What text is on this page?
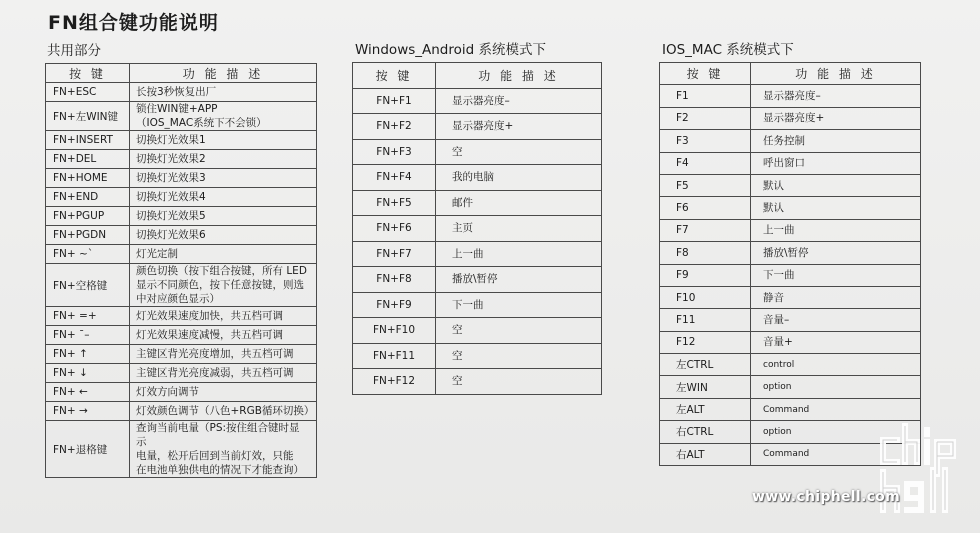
FN组合键功能说明
共用部分
按 键	功 能 描 述
FN+ESC	长按3秒恢复出厂

FN+左WIN键	锁住WIN键+APP
（IOS_MAC系统下不会锁）

FN+INSERT	切换灯光效果1

FN+DEL	切换灯光效果2

FN+HOME	切换灯光效果3

FN+END	切换灯光效果4

FN+PGUP	切换灯光效果5

FN+PGDN	切换灯光效果6

FN+ ~`	灯光定制

FN+空格键	颜色切换（按下组合按键，所有 LED
显示不同颜色，按下任意按键，则选
中对应颜色显示）

FN+ =+	灯光效果速度加快，共五档可调

FN+ ˉ–	灯光效果速度减慢，共五档可调

FN+ ↑	主键区背光亮度增加，共五档可调

FN+ ↓	主键区背光亮度减弱，共五档可调

FN+ ←	灯效方向调节

FN+ →	灯效颜色调节（八色+RGB循环切换）

FN+退格键	查询当前电量（PS:按住组合键时显示
电量，松开后回到当前灯效，只能
在电池单独供电的情况下才能查询）
Windows_Android 系统模式下
按 键	功 能 描 述
FN+F1	显示器亮度–

FN+F2	显示器亮度+

FN+F3	空

FN+F4	我的电脑

FN+F5	邮件

FN+F6	主页

FN+F7	上一曲

FN+F8	播放\暂停

FN+F9	下一曲

FN+F10	空

FN+F11	空

FN+F12	空
IOS_MAC 系统模式下
按 键	功 能 描 述
F1	显示器亮度–

F2	显示器亮度+

F3	任务控制

F4	呼出窗口

F5	默认

F6	默认

F7	上一曲

F8	播放\暂停

F9	下一曲

F10	静音

F11	音量–

F12	音量+

左CTRL	control

左WIN	option

左ALT	Command

右CTRL	option

右ALT	Command
www.chiphell.com
